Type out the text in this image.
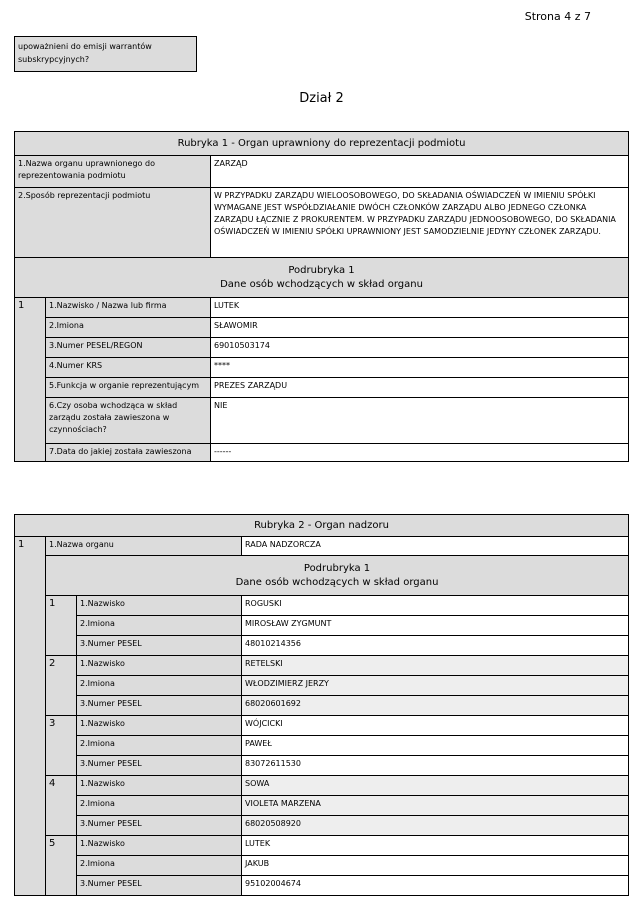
Strona 4 z 7
upoważnieni do emisji warrantów subskrypcyjnych?
Dział 2
Rubryka 1 - Organ uprawniony do reprezentacji podmiotu		
1.Nazwa organu uprawnionego do reprezentowania podmiotu		ZARZĄD
2.Sposób reprezentacji podmiotu		W PRZYPADKU ZARZĄDU WIELOOSOBOWEGO, DO SKŁADANIA OŚWIADCZEŃ W IMIENIU SPÓŁKI WYMAGANE JEST WSPÓŁDZIAŁANIE DWÓCH CZŁONKÓW ZARZĄDU ALBO JEDNEGO CZŁONKA ZARZĄDU ŁĄCZNIE Z PROKURENTEM. W PRZYPADKU ZARZĄDU JEDNOOSOBOWEGO, DO SKŁADANIA OŚWIADCZEŃ W IMIENIU SPÓŁKI UPRAWNIONY JEST SAMODZIELNIE JEDYNY CZŁONEK ZARZĄDU.

Podrubryka 1
Dane osób wchodzących w skład organu		

1	1.Nazwisko / Nazwa lub firma	LUTEK
	2.Imiona	SŁAWOMIR
	3.Numer PESEL/REGON	69010503174
	4.Numer KRS	****
	5.Funkcja w organie reprezentującym	PREZES ZARZĄDU
	6.Czy osoba wchodząca w skład zarządu została zawieszona w czynnościach?	NIE
	7.Data do jakiej została zawieszona	------
Rubryka 2 - Organ nadzoru			
1	1.Nazwa organu		RADA NADZORCZA

	Podrubryka 1
Dane osób wchodzących w skład organu		

	1	1.Nazwisko	ROGUSKI
		2.Imiona	MIROSŁAW ZYGMUNT
		3.Numer PESEL	48010214356
	2	1.Nazwisko	RETELSKI
		2.Imiona	WŁODZIMIERZ JERZY
		3.Numer PESEL	68020601692
	3	1.Nazwisko	WÓJCICKI
		2.Imiona	PAWEŁ
		3.Numer PESEL	83072611530
	4	1.Nazwisko	SOWA
		2.Imiona	VIOLETA MARZENA
		3.Numer PESEL	68020508920
	5	1.Nazwisko	LUTEK
		2.Imiona	JAKUB
		3.Numer PESEL	95102004674
